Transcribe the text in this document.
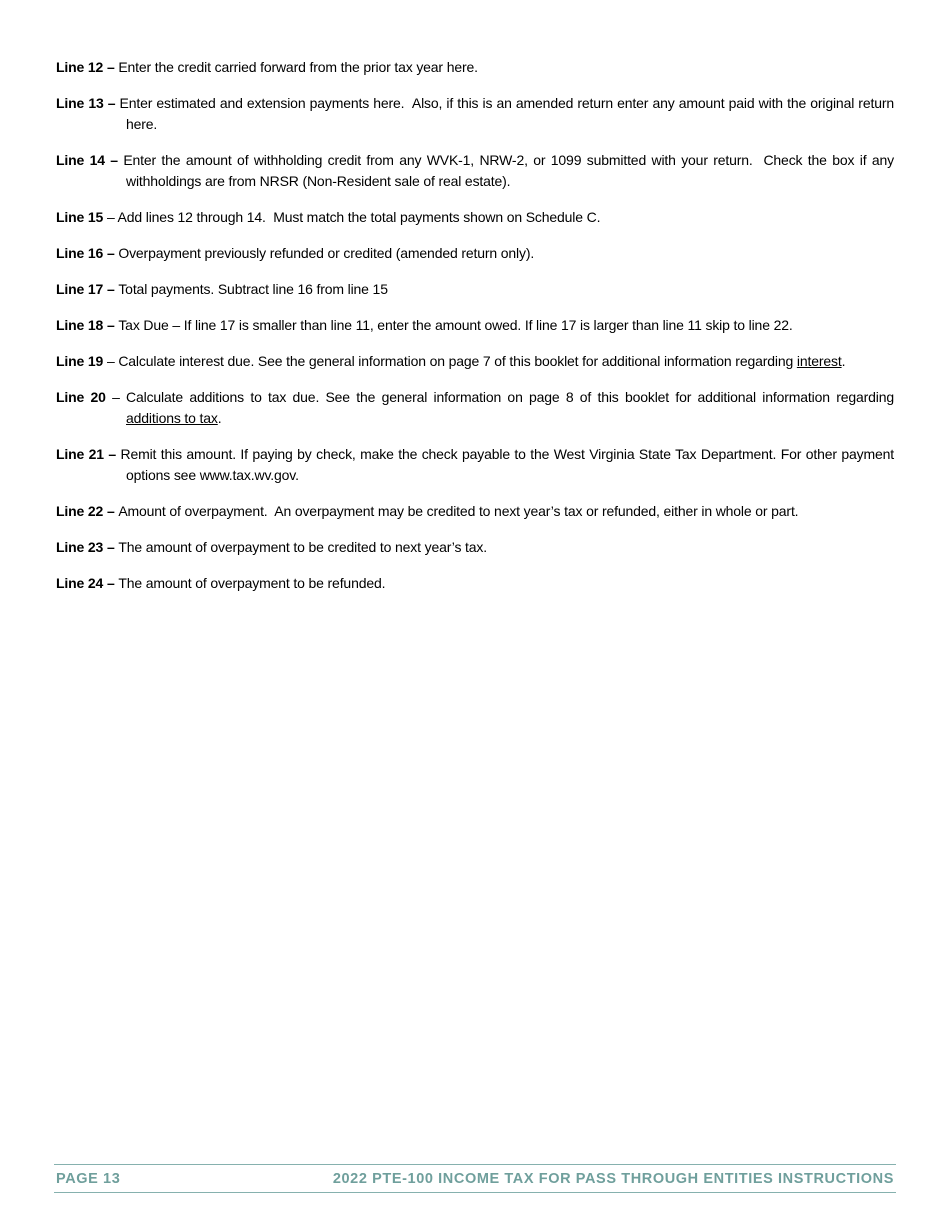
Line 12 – Enter the credit carried forward from the prior tax year here.

Line 13 – Enter estimated and extension payments here.  Also, if this is an amended return enter any amount paid with the original return here.

Line 14 – Enter the amount of withholding credit from any WVK-1, NRW-2, or 1099 submitted with your return.  Check the box if any withholdings are from NRSR (Non-Resident sale of real estate).

Line 15 – Add lines 12 through 14.  Must match the total payments shown on Schedule C.

Line 16 – Overpayment previously refunded or credited (amended return only).

Line 17 – Total payments. Subtract line 16 from line 15

Line 18 – Tax Due – If line 17 is smaller than line 11, enter the amount owed. If line 17 is larger than line 11 skip to line 22.

Line 19 – Calculate interest due. See the general information on page 7 of this booklet for additional information regarding interest.

Line 20 – Calculate additions to tax due. See the general information on page 8 of this booklet for additional information regarding additions to tax.

Line 21 – Remit this amount. If paying by check, make the check payable to the West Virginia State Tax Department. For other payment options see www.tax.wv.gov.

Line 22 – Amount of overpayment.  An overpayment may be credited to next year’s tax or refunded, either in whole or part.

Line 23 – The amount of overpayment to be credited to next year’s tax.

Line 24 – The amount of overpayment to be refunded.

PAGE 13	2022 PTE-100 INCOME TAX FOR PASS THROUGH ENTITIES INSTRUCTIONS
